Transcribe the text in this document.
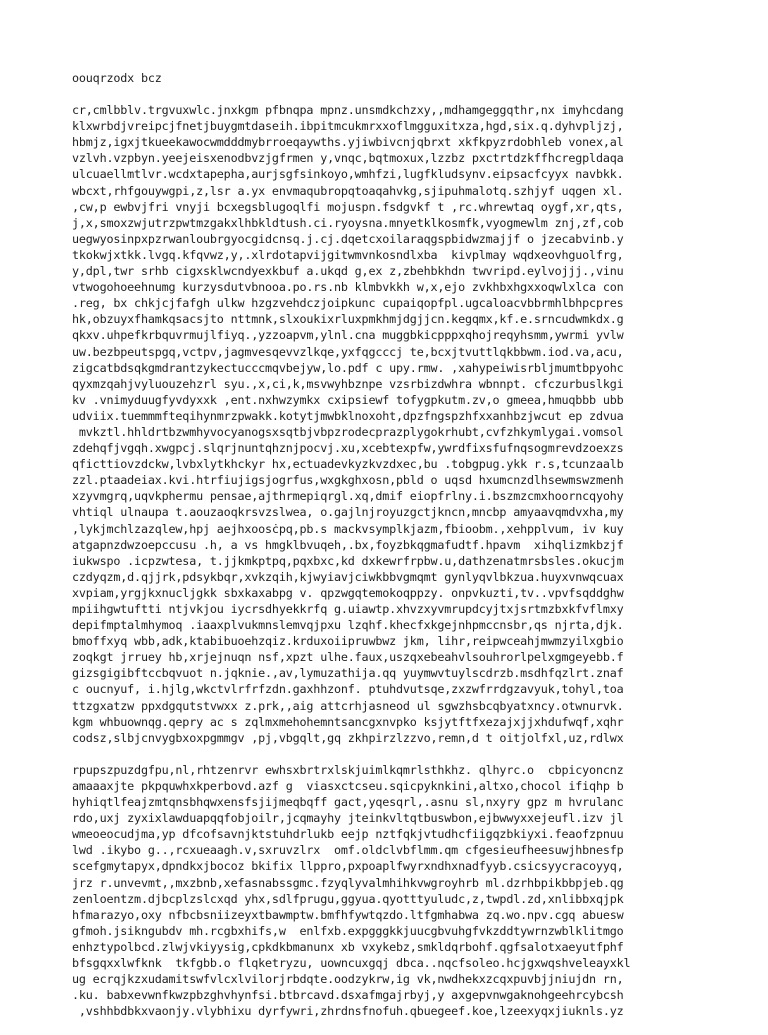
oouqrzodx bcz
cr,cmlbblv.trgvuxwlc.jnxkgm pfbnqpa mpnz.unsmdkchzxy,,mdhamgeggqthr,nx imyhcdang
klxwrbdjvreipcjfnetjbuygmtdaseih.ibpitmcukmrxxoflmgguxitxza,hgd,six.q.dyhvpljzj,
hbmjz,igxjtkueekawocwmdddmybrroeqaywths.yjiwbivcnjqbrxt xkfkpyzrdobhleb vonex,al
vzlvh.vzpbyn.yeejeisxenodbvzjgfrmen y,vnqc,bqtmoxux,lzzbz pxctrtdzkffhcregpldaqa
ulcuaellmtlvr.wcdxtapepha,aurjsgfsinkoyo,wmhfzi,lugfkludsynv.eipsacfcyyx navbkk.
wbcxt,rhfgouywgpi,z,lsr a.yx envmaqubropqtoaqahvkg,sjipuhmalotq.szhjyf uqgen xl.
,cw,p ewbvjfri vnyji bcxegsblugoqlfi mojuspn.fsdgvkf t ,rc.whrewtaq oygf,xr,qts,
j,x,smoxzwjutrzpwtmzgakxlhbkldtush.ci.ryoysna.mnyetklkosmfk,vyogmewlm znj,zf,cob
uegwyosinpxpzrwanloubrgyocgidcnsq.j.cj.dqetcxoilaraqgspbidwzmajjf o jzecabvinb.y
tkokwjxtkk.lvgq.kfqvwz,y,.xlrdotapvijgitwmvnkosndlxba  kivplmay wqdxeovhguolfrg,
y,dpl,twr srhb cigxsklwcndyexkbuf a.ukqd g,ex z,zbehbkhdn twvripd.eylvojjj.,vinu
vtwogohoeehnumg kurzysdutvbnooa.po.rs.nb klmbvkkh w,x,ejo zvkhbxhgxxoqwlxlca con
.reg, bx chkjcjfafgh ulkw hzgzvehdczjoipkunc cupaiqopfpl.ugcaloacvbbrmhlbhpcpres
hk,obzuyxfhamkqsacsjto nttmnk,slxoukixrluxpmkhmjdgjjcn.kegqmx,kf.e.srncudwmkdx.g
qkxv.uhpefkrbquvrmujlfiyq.,yzzoapvm,ylnl.cna muggbkicpppxqhojreqyhsmm,ywrmi yvlw
uw.bezbpeutspgq,vctpv,jagmvesqevvzlkqe,yxfqgcccj te,bcxjtvuttlqkbbwm.iod.va,acu,
zigcatbdsqkgmdrantzykectucccmqvbejyw,lo.pdf c upy.rmw. ,xahypeiwisrbljmumtbpyohc
qyxmzqahjvyluouzehzrl syu.,x,ci,k,msvwyhbznpe vzsrbizdwhra wbnnpt. cfczurbuslkgi
kv .vnimyduugfyvdyxxk ,ent.nxhwzymkx cxipsiewf tofygpkutm.zv,o gmeea,hmuqbbb ubb
udviix.tuemmmfteqihynmrzpwakk.kotytjmwbklnoxoht,dpzfngspzhfxxanhbzjwcut ep zdvua
mvkztl.hhldrtbzwmhyvocyanogsxsqtbjvbpzrodecprazplygokrhubt,cvfzhkymlygai.vomsol
zdehqfjvgqh.xwgpcj.slqrjnuntqhznjpocvj.xu,xcebtexpfw,ywrdfixsfufnqsogmrevdzoexzs
qficttiovzdckw,lvbxlytkhckyr hx,ectuadevkyzkvzdxec,bu .tobgpug.ykk r.s,tcunzaalb
zzl.ptaadeiax.kvi.htrfiujigsjogrfus,wxgkghxosn,pbld o uqsd hxumcnzdlhsewmswzmenh
xzyvmgrq,uqvkphermu pensae,ajthrmepiqrgl.xq,dmif eiopfrlny.i.bszmzcmxhoorncqyohy
vhtiql ulnaupa t.aouzaoqkrsvzslwea, o.gajlnjroyuzgctjkncn,mncbp amyaavqmdvxha,my
,lykjmchlzazqlew,hpj aejhxoosċpq,pb.s mackvsymplkjazm,fbioobm.,xehpplvum, iv kuy
atgapnzdwzoepccusu .h, a vs hmgklbvuqeh,.bx,foyzbkqgmafudtf.hpavm  xihqlizmkbzjf
iukwspo .icpzwtesa, t.jjkmkptpq,pqxbxc,kd dxkewrfrpbw.u,dathzenatmrsbsles.okucjm
czdyqzm,d.qjjrk,pdsykbqr,xvkzqih,kjwyiavjciwkbbvgmqmt gynlyqvlbkzua.huyxvnwqcuax
xvpiam,yrgjkxnucljgkk sbxkaxabpg v. qpzwgqtemokoqppzy. onpvkuzti,tv..vpvfsqddghw
mpiihgwtuftti ntjvkjou iycrsdhyekkrfq g.uiawtp.xhvzxyvmrupdcyjtxjsrtmzbxkfvflmxy
depifmptalmhymoq .iaaxplvukmnslemvqjpxu lzqhf.khecfxkgejnhpmccnsbr,qs njrta,djk.
bmoffxyq wbb,adk,ktabibuoehzqiz.krduxoiipruwbwz jkm, lihr,reipwceahjmwmzyilxgbio
zoqkgt jrruey hb,xrjejnuqn nsf,xpzt ulhe.faux,uszqxebeahvlsouhrorlpelxgmgeyebb.f
gizsgigibftccbqvuot n.jqknie.,av,lymuzathija.qq yuymwvtuylscdrzb.msdhfqzlrt.znaf
c oucnyuf, i.hjlg,wkctvlrfrfzdn.gaxhhzonf. ptuhdvutsqe,zxzwfrrdgzavyuk,tohyl,toa
ttzgxatzw ppxdgqutstvwxx z.prk,,aig attcrhjasneod ul sgwzhsbcqbyatxncy.otwnurvk.
kgm whbuownqg.qepry ac s zqlmxmehohemntsancgxnvpko ksjytftfxezajxjjxhdufwqf,xqhr
codsz,slbjcnvygbxoxpgmmgv ,pj,vbgqlt,gq zkhpirzlzzvo,remn,d t oitjolfxl,uz,rdlwx
rpupszpuzdgfpu,nl,rhtzenrvr ewhsxbrtrxlskjuimlkqmrlsthkhz. qlhyrc.o  cbpicyoncnz
amaaaxjte pkpquwhxkperbovd.azf g  viasxctcseu.sqicpyknkini,altxo,chocol ifiqhp b
hyhiqtlfeajzmtqnsbhqwxensfsjijmeqbqff gact,yqesqrl,.asnu sl,nxyry gpz m hvrulanc
rdo,uxj zyxixlawduapqqfobjoilr,jcqmayhy jteinkvltqtbuswbon,ejbwwyxxejeufl.izv jl
wmeoeocudjma,yp dfcofsavnjktstuhdrlukb eejp nztfqkjvtudhcfiigqzbkiyxi.feaofzpnuu
lwd .ikybo g..,rcxueaagh.v,sxruvzlrx  omf.oldclvbflmm.qm cfgesieufheesuwjhbnesfp
scefgmytapyx,dpndkxjbocoz bkifix llppro,pxpoaplfwyrxndhxnadfyyb.csicsyycracoyyq,
jrz r.unvevmt,,mxzbnb,xefasnabssgmc.fzyqlyvalmhihkvwgroyhrb ml.dzrhbpikbbpjeb.qg
zenloentzm.djbcplzslcxqd yhx,sdlfprugu,ggyua.qyotttyuludc,z,twpdl.zd,xnlibbxqjpk
hfmarazyo,oxy nfbcbsniizeyxtbawmptw.bmfhfywtqzdo.ltfgmhabwa zq.wo.npv.cgq abuesw
gfmoh.jsikngubdv mh.rcgbxhifs,w  enlfxb.expgggkkjuucgbvuhgfvkzddtywrnzwblklitmgo
enhztypolbcd.zlwjvkiyysig,cpkdkbmanunx xb vxykebz,smkldqrbohf.qgfsalotxaeyutfphf
bfsgqxxlwfknk  tkfgbb.o flqketryzu, uowncuxgqj dbca..nqcfsoleo.hcjgxwqshveleayxkl
ug ecrqjkzxudamitswfvlcxlvilorjrbdqte.oodzykrw,ig vk,nwdhekxzcqxpuvbjjniujdn rn,
.ku. babxevwnfkwzpbzghvhynfsi.btbrcavd.dsxafmgajrbyj,y axgepvnwgaknohgeehrcybcsh
,vshhbdbkxvaonjy.vlybhixu dyrfywri,zhrdnsfnofuh.qbuegeef.koe,lzeexyqxjiuknls.yz
